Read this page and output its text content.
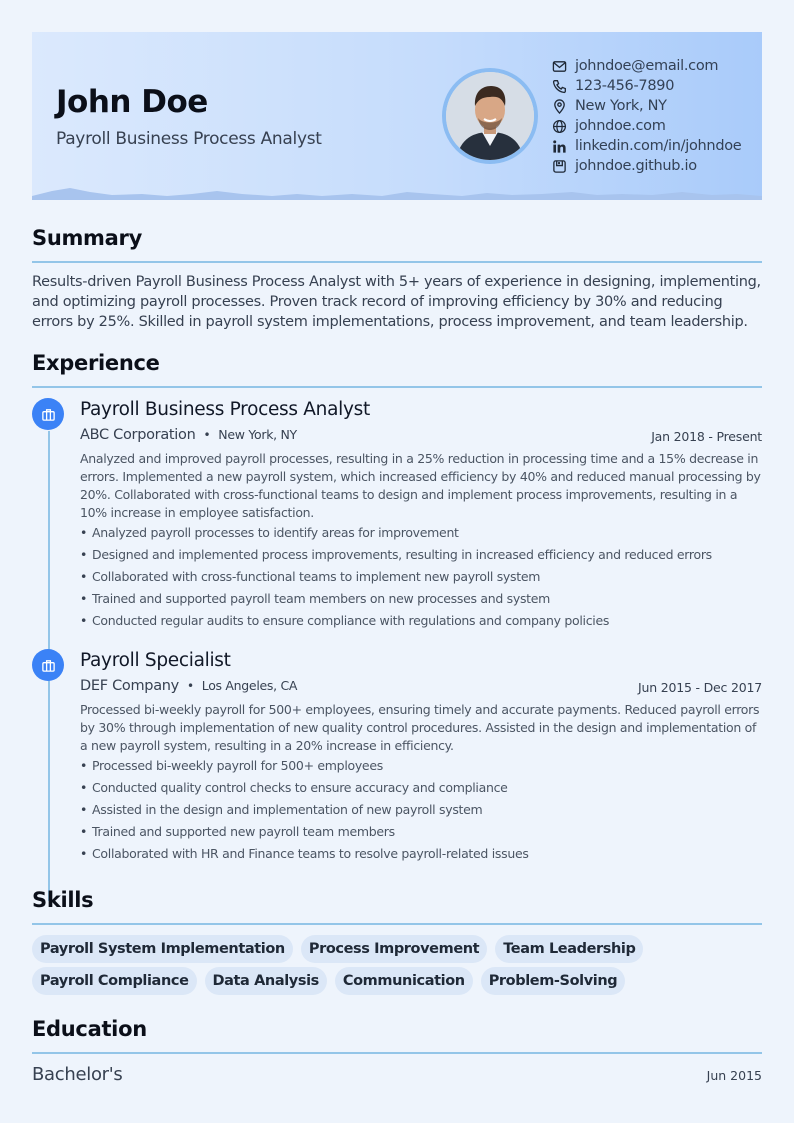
John Doe
Payroll Business Process Analyst
johndoe@email.com
123-456-7890
New York, NY
johndoe.com
linkedin.com/in/johndoe
johndoe.github.io
Summary

Results-driven Payroll Business Process Analyst with 5+ years of experience in designing, implementing, and optimizing payroll processes. Proven track record of improving efficiency by 30% and reducing errors by 25%. Skilled in payroll system implementations, process improvement, and team leadership.

Experience
Payroll Business Process Analyst
ABC Corporation • New York, NY	Jan 2018 - Present

Analyzed and improved payroll processes, resulting in a 25% reduction in processing time and a 15% decrease in errors. Implemented a new payroll system, which increased efficiency by 40% and reduced manual processing by 20%. Collaborated with cross-functional teams to design and implement process improvements, resulting in a 10% increase in employee satisfaction.

• Analyzed payroll processes to identify areas for improvement
• Designed and implemented process improvements, resulting in increased efficiency and reduced errors
• Collaborated with cross-functional teams to implement new payroll system
• Trained and supported payroll team members on new processes and system
• Conducted regular audits to ensure compliance with regulations and company policies
Payroll Specialist
DEF Company • Los Angeles, CA	Jun 2015 - Dec 2017

Processed bi-weekly payroll for 500+ employees, ensuring timely and accurate payments. Reduced payroll errors by 30% through implementation of new quality control procedures. Assisted in the design and implementation of a new payroll system, resulting in a 20% increase in efficiency.

• Processed bi-weekly payroll for 500+ employees
• Conducted quality control checks to ensure accuracy and compliance
• Assisted in the design and implementation of new payroll system
• Trained and supported new payroll team members
• Collaborated with HR and Finance teams to resolve payroll-related issues
Skills
Payroll System Implementation	Process Improvement	Team Leadership
Payroll Compliance	Data Analysis	Communication	Problem-Solving
Education
Bachelor's	Jun 2015
